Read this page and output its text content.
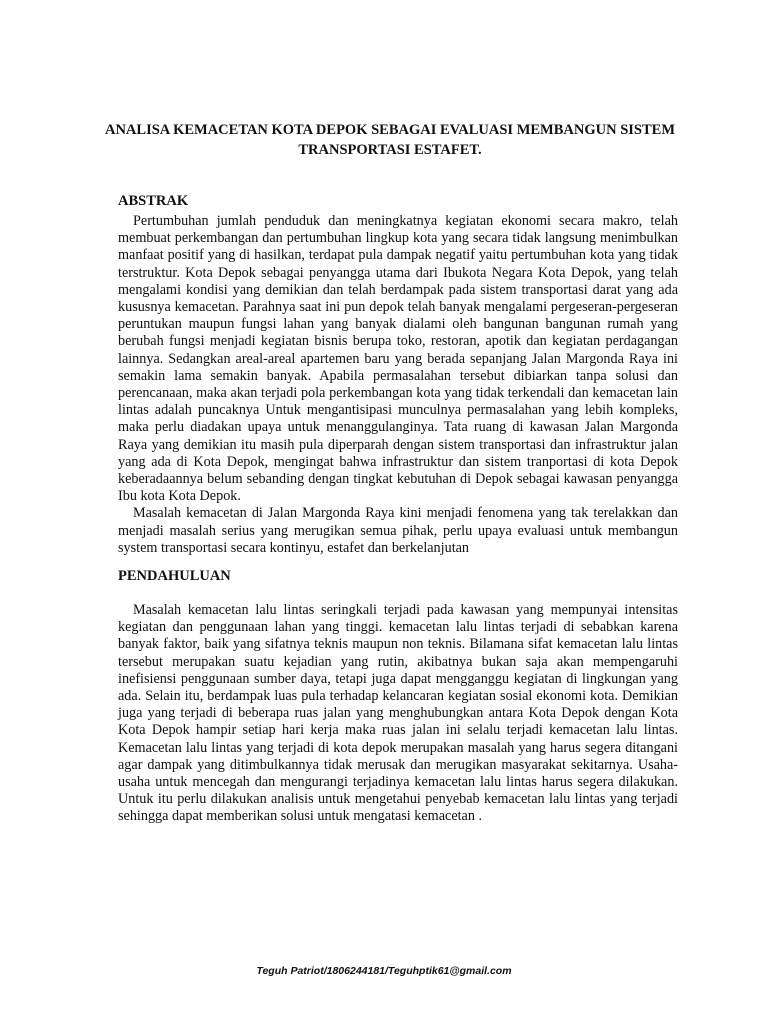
ANALISA KEMACETAN KOTA DEPOK SEBAGAI EVALUASI MEMBANGUN SISTEM TRANSPORTASI ESTAFET.
ABSTRAK

Pertumbuhan jumlah penduduk dan meningkatnya kegiatan ekonomi secara makro, telah membuat perkembangan dan pertumbuhan lingkup kota yang secara tidak langsung menimbulkan manfaat positif yang di hasilkan, terdapat pula dampak negatif yaitu pertumbuhan kota yang tidak terstruktur. Kota Depok sebagai penyangga utama dari Ibukota Negara Kota Depok, yang telah mengalami kondisi yang demikian dan telah berdampak pada sistem transportasi darat yang ada kususnya kemacetan. Parahnya saat ini pun depok telah banyak mengalami pergeseran-pergeseran peruntukan maupun fungsi lahan yang banyak dialami oleh bangunan bangunan rumah yang berubah fungsi menjadi kegiatan bisnis berupa toko, restoran, apotik dan kegiatan perdagangan lainnya. Sedangkan areal-areal apartemen baru yang berada sepanjang Jalan Margonda Raya ini semakin lama semakin banyak. Apabila permasalahan tersebut dibiarkan tanpa solusi dan perencanaan, maka akan terjadi pola perkembangan kota yang tidak terkendali dan kemacetan lain lintas adalah puncaknya Untuk mengantisipasi munculnya permasalahan yang lebih kompleks, maka perlu diadakan upaya untuk menanggulanginya. Tata ruang di kawasan Jalan Margonda Raya yang demikian itu masih pula diperparah dengan sistem transportasi dan infrastruktur jalan yang ada di Kota Depok, mengingat bahwa infrastruktur dan sistem tranportasi di kota Depok keberadaannya belum sebanding dengan tingkat kebutuhan di Depok sebagai kawasan penyangga Ibu kota Kota Depok.

Masalah kemacetan di Jalan Margonda Raya kini menjadi fenomena yang tak terelakkan dan menjadi masalah serius yang merugikan semua pihak, perlu upaya evaluasi untuk membangun system transportasi secara kontinyu, estafet dan berkelanjutan

PENDAHULUAN

Masalah kemacetan lalu lintas seringkali terjadi pada kawasan yang mempunyai intensitas kegiatan dan penggunaan lahan yang tinggi. kemacetan lalu lintas terjadi di sebabkan karena banyak faktor, baik yang sifatnya teknis maupun non teknis. Bilamana sifat kemacetan lalu lintas tersebut merupakan suatu kejadian yang rutin, akibatnya bukan saja akan mempengaruhi inefisiensi penggunaan sumber daya, tetapi juga dapat mengganggu kegiatan di lingkungan yang ada. Selain itu, berdampak luas pula terhadap kelancaran kegiatan sosial ekonomi kota. Demikian juga yang terjadi di beberapa ruas jalan yang menghubungkan antara Kota Depok dengan Kota Kota Depok hampir setiap hari kerja maka ruas jalan ini selalu terjadi kemacetan lalu lintas. Kemacetan lalu lintas yang terjadi di kota depok merupakan masalah yang harus segera ditangani agar dampak yang ditimbulkannya tidak merusak dan merugikan masyarakat sekitarnya. Usaha-usaha untuk mencegah dan mengurangi terjadinya kemacetan lalu lintas harus segera dilakukan. Untuk itu perlu dilakukan analisis untuk mengetahui penyebab kemacetan lalu lintas yang terjadi sehingga dapat memberikan solusi untuk mengatasi kemacetan .

Teguh Patriot/1806244181/Teguhptik61@gmail.com
